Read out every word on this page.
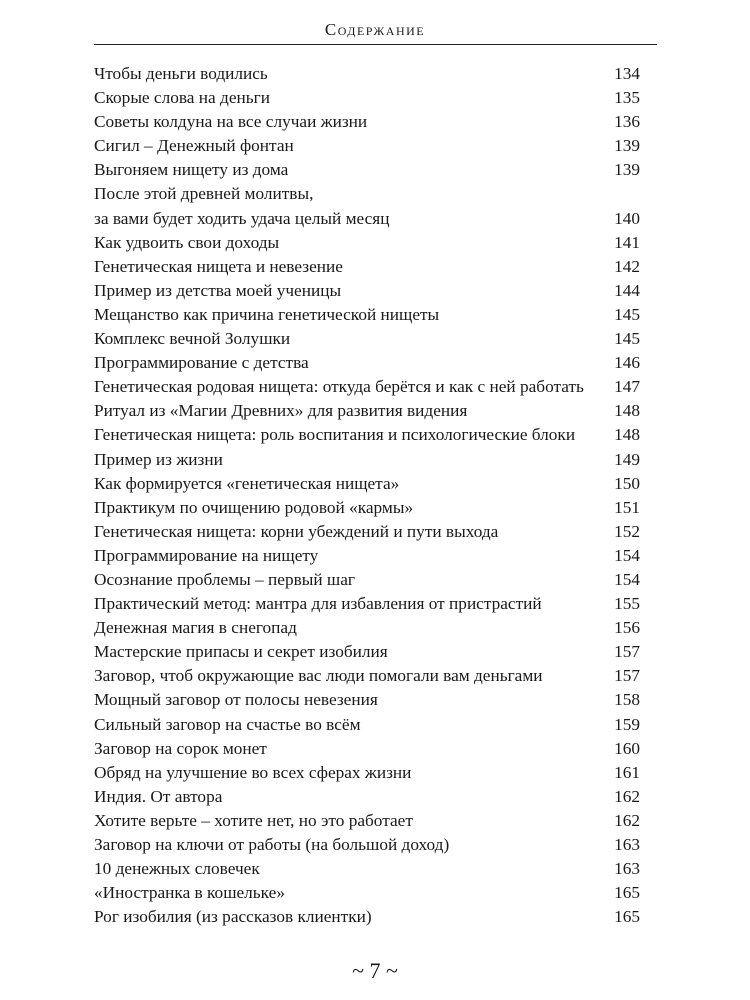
Содержание
Чтобы деньги водились	134
Скорые слова на деньги	135
Советы колдуна на все случаи жизни	136
Сигил – Денежный фонтан	139
Выгоняем нищету из дома	139
После этой древней молитвы,
за вами будет ходить удача целый месяц	140
Как удвоить свои доходы	141
Генетическая нищета и невезение	142
Пример из детства моей ученицы	144
Мещанство как причина генетической нищеты	145
Комплекс вечной Золушки	145
Программирование с детства	146
Генетическая родовая нищета: откуда берётся и как с ней работать 147
Ритуал из «Магии Древних» для развития видения	148
Генетическая нищета: роль воспитания и психологические блоки 148
Пример из жизни	149
Как формируется «генетическая нищета»	150
Практикум по очищению родовой «кармы»	151
Генетическая нищета: корни убеждений и пути выхода	152
Программирование на нищету	154
Осознание проблемы – первый шаг	154
Практический метод: мантра для избавления от пристрастий	155
Денежная магия в снегопад	156
Мастерские припасы и секрет изобилия	157
Заговор, чтоб окружающие вас люди помогали вам деньгами	157
Мощный заговор от полосы невезения	158
Сильный заговор на счастье во всём	159
Заговор на сорок монет	160
Обряд на улучшение во всех сферах жизни	161
Индия. От автора	162
Хотите верьте – хотите нет, но это работает	162
Заговор на ключи от работы (на большой доход)	163
10 денежных словечек	163
«Иностранка в кошельке»	165
Рог изобилия (из рассказов клиентки)	165
~ 7 ~
